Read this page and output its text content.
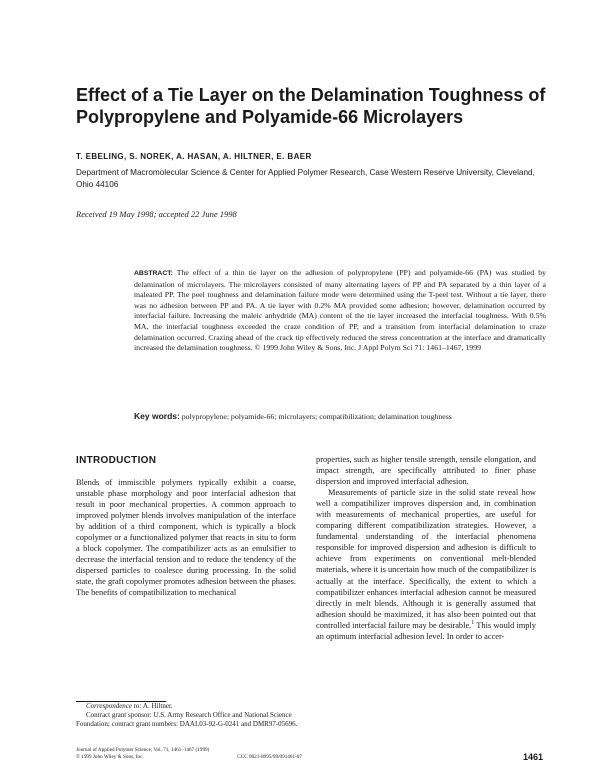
Effect of a Tie Layer on the Delamination Toughness of Polypropylene and Polyamide-66 Microlayers
T. EBELING, S. NOREK, A. HASAN, A. HILTNER, E. BAER
Department of Macromolecular Science & Center for Applied Polymer Research, Case Western Reserve University, Cleveland, Ohio 44106
Received 19 May 1998; accepted 22 June 1998
ABSTRACT: The effect of a thin tie layer on the adhesion of polypropylene (PP) and polyamide-66 (PA) was studied by delamination of microlayers. The microlayers consisted of many alternating layers of PP and PA separated by a thin layer of a maleated PP. The peel toughness and delamination failure mode were determined using the T-peel test. Without a tie layer, there was no adhesion between PP and PA. A tie layer with 0.2% MA provided some adhesion; however, delamination occurred by interfacial failure. Increasing the maleic anhydride (MA) content of the tie layer increased the interfacial toughness. With 0.5% MA, the interfacial toughness exceeded the craze condition of PP, and a transition from interfacial delamination to craze delamination occurred. Crazing ahead of the crack tip effectively reduced the stress concentration at the interface and dramatically increased the delamination toughness. © 1999 John Wiley & Sons, Inc. J Appl Polym Sci 71: 1461–1467, 1999
Key words: polypropylene; polyamide-66; microlayers; compatibilization; delamination toughness
INTRODUCTION

Blends of immiscible polymers typically exhibit a coarse, unstable phase morphology and poor interfacial adhesion that result in poor mechanical properties. A common approach to improved polymer blends involves manipulation of the interface by addition of a third component, which is typically a block copolymer or a functionalized polymer that reacts in situ to form a block copolymer. The compatibilizer acts as an emulsifier to decrease the interfacial tension and to reduce the tendency of the dispersed particles to coalesce during processing. In the solid state, the graft copolymer promotes adhesion between the phases. The benefits of compatibilization to mechanical

properties, such as higher tensile strength, tensile elongation, and impact strength, are specifically attributed to finer phase dispersion and improved interfacial adhesion.

Measurements of particle size in the solid state reveal how well a compatibilizer improves dispersion and, in combination with measurements of mechanical properties, are useful for comparing different compatibilization strategies. However, a fundamental understanding of the interfacial phenomena responsible for improved dispersion and adhesion is difficult to achieve from experiments on conventional melt-blended materials, where it is uncertain how much of the compatibilizer is actually at the interface. Specifically, the extent to which a compatibilizer enhances interfacial adhesion cannot be measured directly in melt blends. Although it is generally assumed that adhesion should be maximized, it has also been pointed out that controlled interfacial failure may be desirable.$^1$ This would imply an optimum interfacial adhesion level. In order to accer-

Correspondence to: A. Hiltner.

Contract grant sponsor: U.S. Army Research Office and National Science Foundation; contract grant numbers: DAAL03-92-G-0241 and DMR97-05696.

Journal of Applied Polymer Science, Vol. 71, 1461–1467 (1999)
© 1999 John Wiley & Sons, Inc.	CCC 0021-8995/99/091461-07	1461
